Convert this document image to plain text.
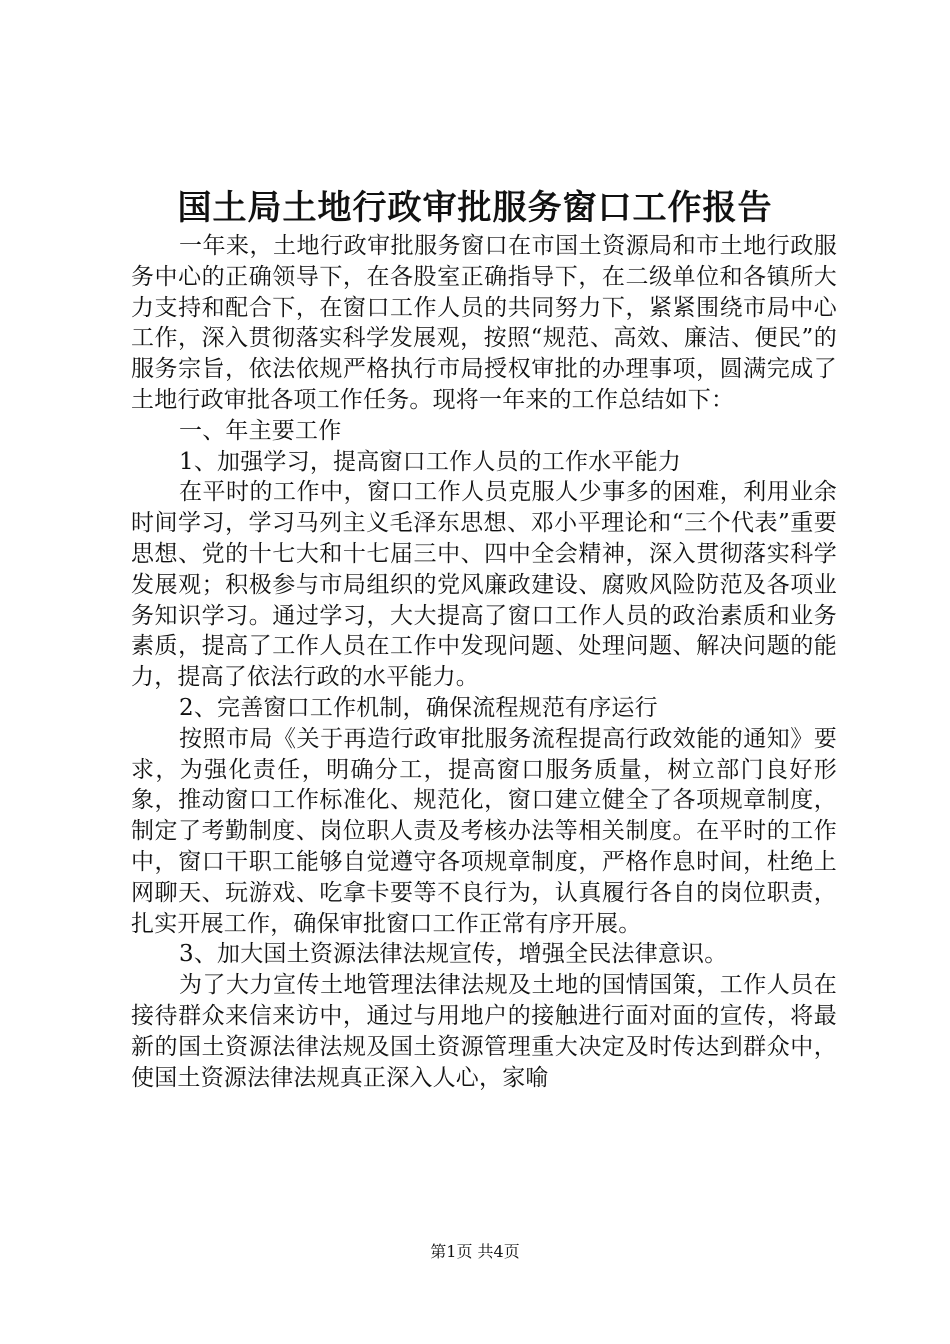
国土局土地行政审批服务窗口工作报告

一年来，土地行政审批服务窗口在市国土资源局和市土地行政服务中心的正确领导下，在各股室正确指导下，在二级单位和各镇所大力支持和配合下，在窗口工作人员的共同努力下，紧紧围绕市局中心工作，深入贯彻落实科学发展观，按照“规范、高效、廉洁、便民”的服务宗旨，依法依规严格执行市局授权审批的办理事项，圆满完成了土地行政审批各项工作任务。现将一年来的工作总结如下：

一、年主要工作

1、加强学习，提高窗口工作人员的工作水平能力

在平时的工作中，窗口工作人员克服人少事多的困难，利用业余时间学习，学习马列主义毛泽东思想、邓小平理论和“三个代表”重要思想、党的十七大和十七届三中、四中全会精神，深入贯彻落实科学发展观；积极参与市局组织的党风廉政建设、腐败风险防范及各项业务知识学习。通过学习，大大提高了窗口工作人员的政治素质和业务素质，提高了工作人员在工作中发现问题、处理问题、解决问题的能力，提高了依法行政的水平能力。

2、完善窗口工作机制，确保流程规范有序运行

按照市局《关于再造行政审批服务流程提高行政效能的通知》要求，为强化责任，明确分工，提高窗口服务质量，树立部门良好形象，推动窗口工作标准化、规范化，窗口建立健全了各项规章制度，制定了考勤制度、岗位职人责及考核办法等相关制度。在平时的工作中，窗口干职工能够自觉遵守各项规章制度，严格作息时间，杜绝上网聊天、玩游戏、吃拿卡要等不良行为，认真履行各自的岗位职责，扎实开展工作，确保审批窗口工作正常有序开展。

3、加大国土资源法律法规宣传，增强全民法律意识。

为了大力宣传土地管理法律法规及土地的国情国策，工作人员在接待群众来信来访中，通过与用地户的接触进行面对面的宣传，将最新的国土资源法律法规及国土资源管理重大决定及时传达到群众中，使国土资源法律法规真正深入人心，家喻

第1页 共4页
